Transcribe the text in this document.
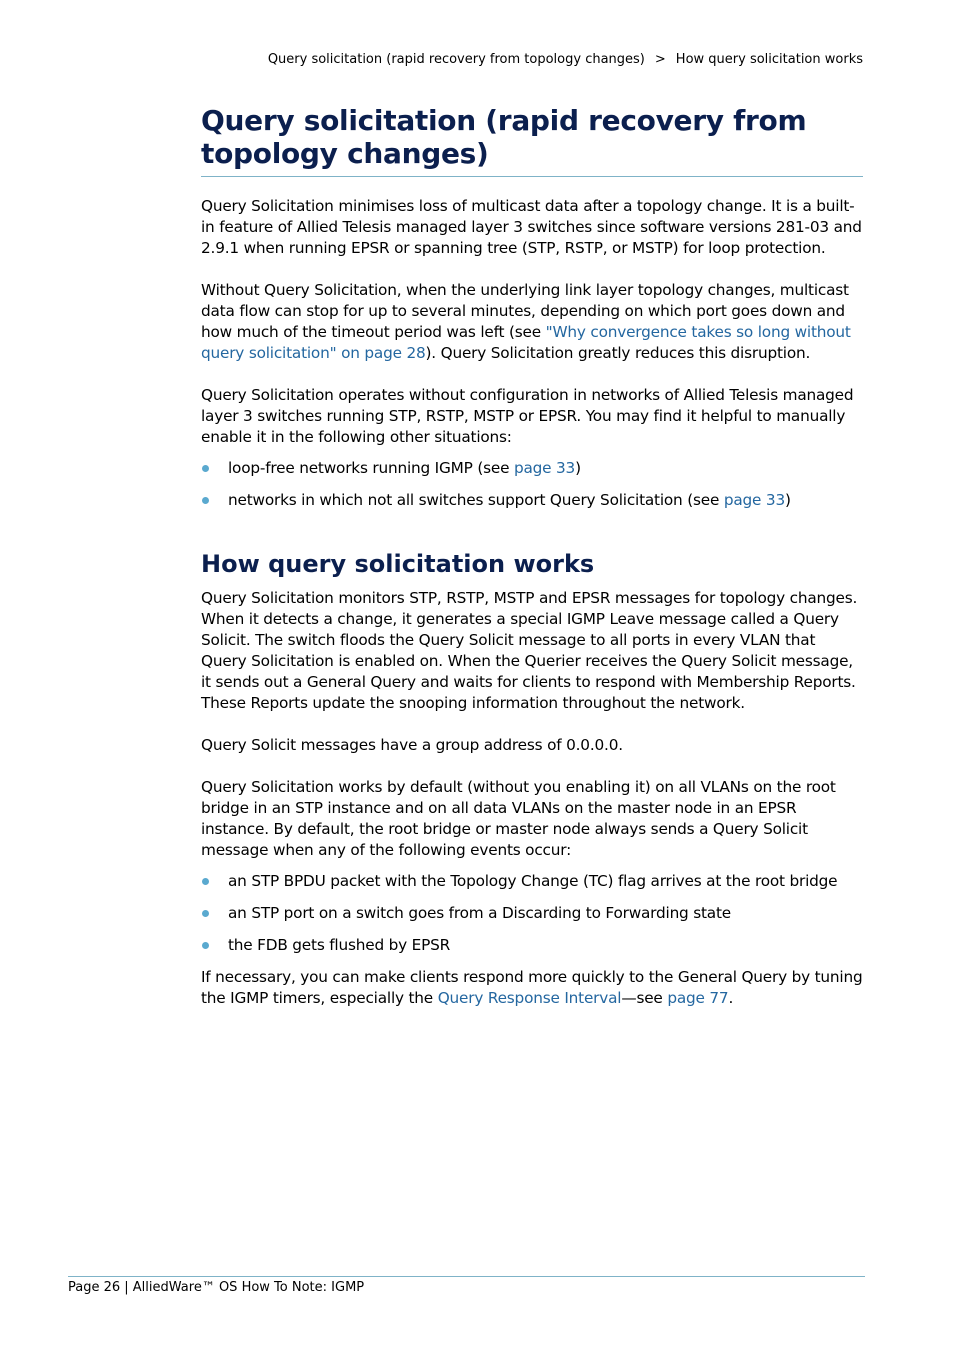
Query solicitation (rapid recovery from topology changes) > How query solicitation works
Query solicitation (rapid recovery from topology changes)

Query Solicitation minimises loss of multicast data after a topology change. It is a built-in feature of Allied Telesis managed layer 3 switches since software versions 281-03 and 2.9.1 when running EPSR or spanning tree (STP, RSTP, or MSTP) for loop protection.

Without Query Solicitation, when the underlying link layer topology changes, multicast data flow can stop for up to several minutes, depending on which port goes down and how much of the timeout period was left (see "Why convergence takes so long without query solicitation" on page 28). Query Solicitation greatly reduces this disruption.

Query Solicitation operates without configuration in networks of Allied Telesis managed layer 3 switches running STP, RSTP, MSTP or EPSR. You may find it helpful to manually enable it in the following other situations:

loop-free networks running IGMP (see page 33)
networks in which not all switches support Query Solicitation (see page 33)
How query solicitation works

Query Solicitation monitors STP, RSTP, MSTP and EPSR messages for topology changes. When it detects a change, it generates a special IGMP Leave message called a Query Solicit. The switch floods the Query Solicit message to all ports in every VLAN that Query Solicitation is enabled on. When the Querier receives the Query Solicit message, it sends out a General Query and waits for clients to respond with Membership Reports. These Reports update the snooping information throughout the network.

Query Solicit messages have a group address of 0.0.0.0.

Query Solicitation works by default (without you enabling it) on all VLANs on the root bridge in an STP instance and on all data VLANs on the master node in an EPSR instance. By default, the root bridge or master node always sends a Query Solicit message when any of the following events occur:

an STP BPDU packet with the Topology Change (TC) flag arrives at the root bridge
an STP port on a switch goes from a Discarding to Forwarding state
the FDB gets flushed by EPSR

If necessary, you can make clients respond more quickly to the General Query by tuning the IGMP timers, especially the Query Response Interval—see page 77.

Page 26 | AlliedWare™ OS How To Note: IGMP
